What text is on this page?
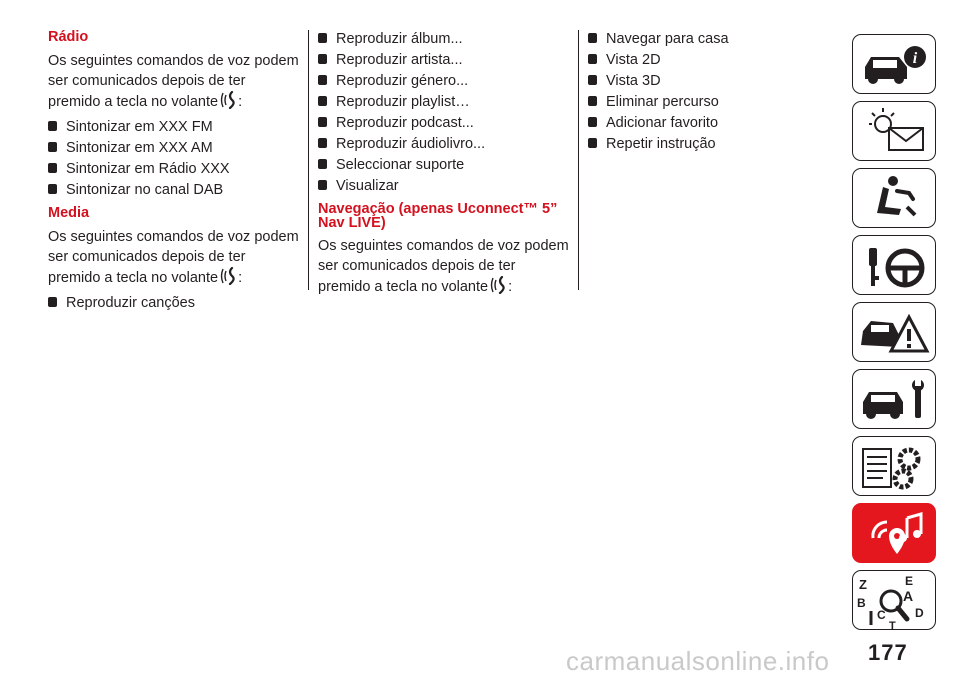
Rádio
Os seguintes comandos de voz podem ser comunicados depois de ter premido a tecla no volante :
Sintonizar em XXX FM
Sintonizar em XXX AM
Sintonizar em Rádio XXX
Sintonizar no canal DAB
Media
Os seguintes comandos de voz podem ser comunicados depois de ter premido a tecla no volante :
Reproduzir canções
Reproduzir álbum...
Reproduzir artista...
Reproduzir género...
Reproduzir playlist…
Reproduzir podcast...
Reproduzir áudiolivro...
Seleccionar suporte
Visualizar
Navegação (apenas Uconnect™ 5” Nav LIVE)
Os seguintes comandos de voz podem ser comunicados depois de ter premido a tecla no volante :
Navegar para casa
Vista 2D
Vista 3D
Eliminar percurso
Adicionar favorito
Repetir instrução
i
Z	E
A
B
C D
T
177
carmanualsonline.info
